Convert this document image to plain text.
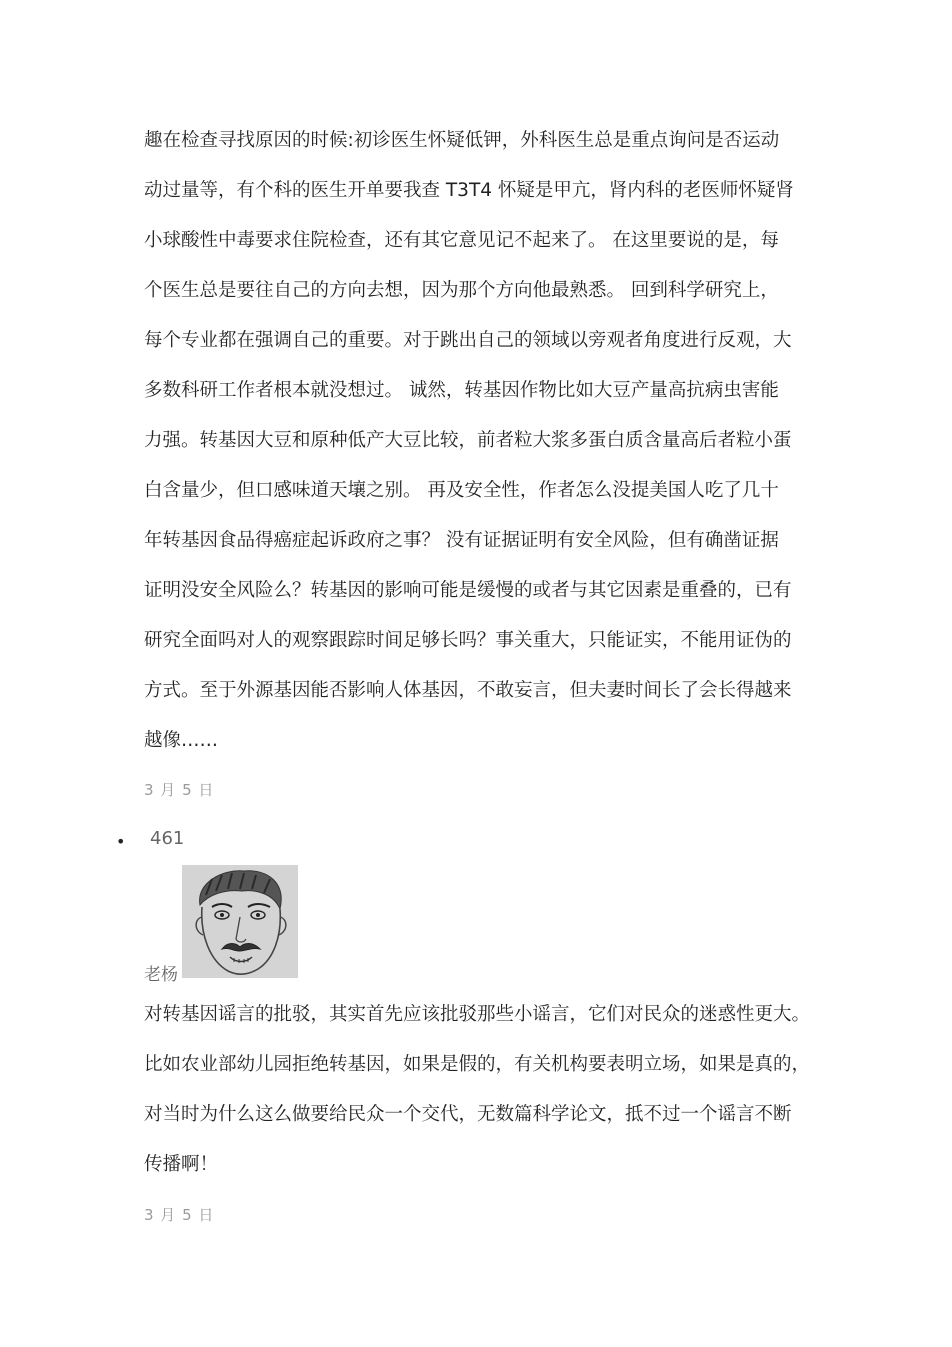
趣在检查寻找原因的时候:初诊医生怀疑低钾，外科医生总是重点询问是否运动
动过量等，有个科的医生开单要我查 T3T4 怀疑是甲亢，肾内科的老医师怀疑肾
小球酸性中毒要求住院检查，还有其它意见记不起来了。 在这里要说的是，每
个医生总是要往自己的方向去想，因为那个方向他最熟悉。 回到科学研究上，
每个专业都在强调自己的重要。对于跳出自己的领域以旁观者角度进行反观，大
多数科研工作者根本就没想过。 诚然，转基因作物比如大豆产量高抗病虫害能
力强。转基因大豆和原种低产大豆比较，前者粒大浆多蛋白质含量高后者粒小蛋
白含量少，但口感味道天壤之别。 再及安全性，作者怎么没提美国人吃了几十
年转基因食品得癌症起诉政府之事？ 没有证据证明有安全风险，但有确凿证据
证明没安全风险么？转基因的影响可能是缓慢的或者与其它因素是重叠的，已有
研究全面吗对人的观察跟踪时间足够长吗？事关重大，只能证实，不能用证伪的
方式。至于外源基因能否影响人体基因，不敢妄言，但夫妻时间长了会长得越来
越像……
3 月 5 日
• 461
老杨
对转基因谣言的批驳，其实首先应该批驳那些小谣言，它们对民众的迷惑性更大。
比如农业部幼儿园拒绝转基因，如果是假的，有关机构要表明立场，如果是真的，
对当时为什么这么做要给民众一个交代，无数篇科学论文，抵不过一个谣言不断
传播啊！
3 月 5 日
